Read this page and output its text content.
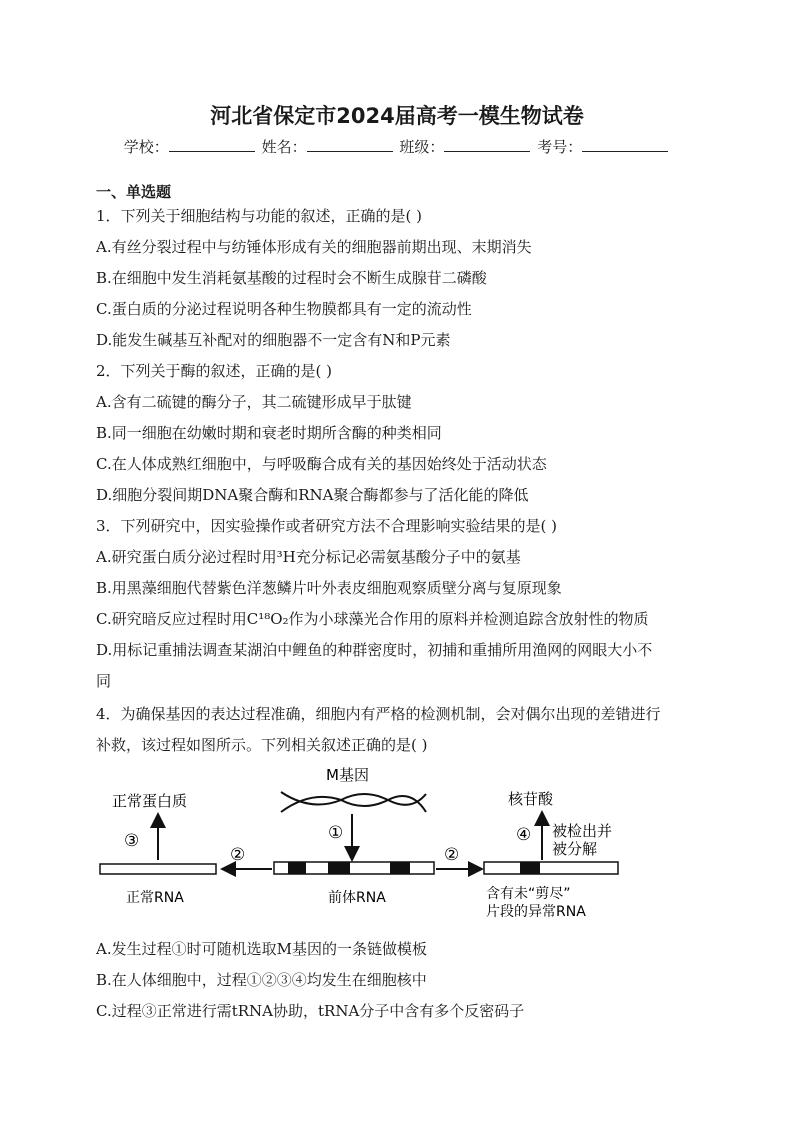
河北省保定市2024届高考一模生物试卷
学校：	姓名：	班级：	考号：
一、单选题
1．下列关于细胞结构与功能的叙述，正确的是( )
A.有丝分裂过程中与纺锤体形成有关的细胞器前期出现、末期消失
B.在细胞中发生消耗氨基酸的过程时会不断生成腺苷二磷酸
C.蛋白质的分泌过程说明各种生物膜都具有一定的流动性
D.能发生碱基互补配对的细胞器不一定含有N和P元素
2．下列关于酶的叙述，正确的是( )
A.含有二硫键的酶分子，其二硫键形成早于肽键
B.同一细胞在幼嫩时期和衰老时期所含酶的种类相同
C.在人体成熟红细胞中，与呼吸酶合成有关的基因始终处于活动状态
D.细胞分裂间期DNA聚合酶和RNA聚合酶都参与了活化能的降低
3．下列研究中，因实验操作或者研究方法不合理影响实验结果的是( )
A.研究蛋白质分泌过程时用³H充分标记必需氨基酸分子中的氨基
B.用黑藻细胞代替紫色洋葱鳞片叶外表皮细胞观察质壁分离与复原现象
C.研究暗反应过程时用C¹⁸O₂作为小球藻光合作用的原料并检测追踪含放射性的物质
D.用标记重捕法调查某湖泊中鲤鱼的种群密度时，初捕和重捕所用渔网的网眼大小不
同
4．为确保基因的表达过程准确，细胞内有严格的检测机制，会对偶尔出现的差错进行
补救，该过程如图所示。下列相关叙述正确的是( )
M基因
①
前体RNA
正常RNA
②
正常蛋白质
③
②
含有未“剪尽”
片段的异常RNA
核苷酸
④ 被检出并
被分解
A.发生过程①时可随机选取M基因的一条链做模板
B.在人体细胞中，过程①②③④均发生在细胞核中
C.过程③正常进行需tRNA协助，tRNA分子中含有多个反密码子
